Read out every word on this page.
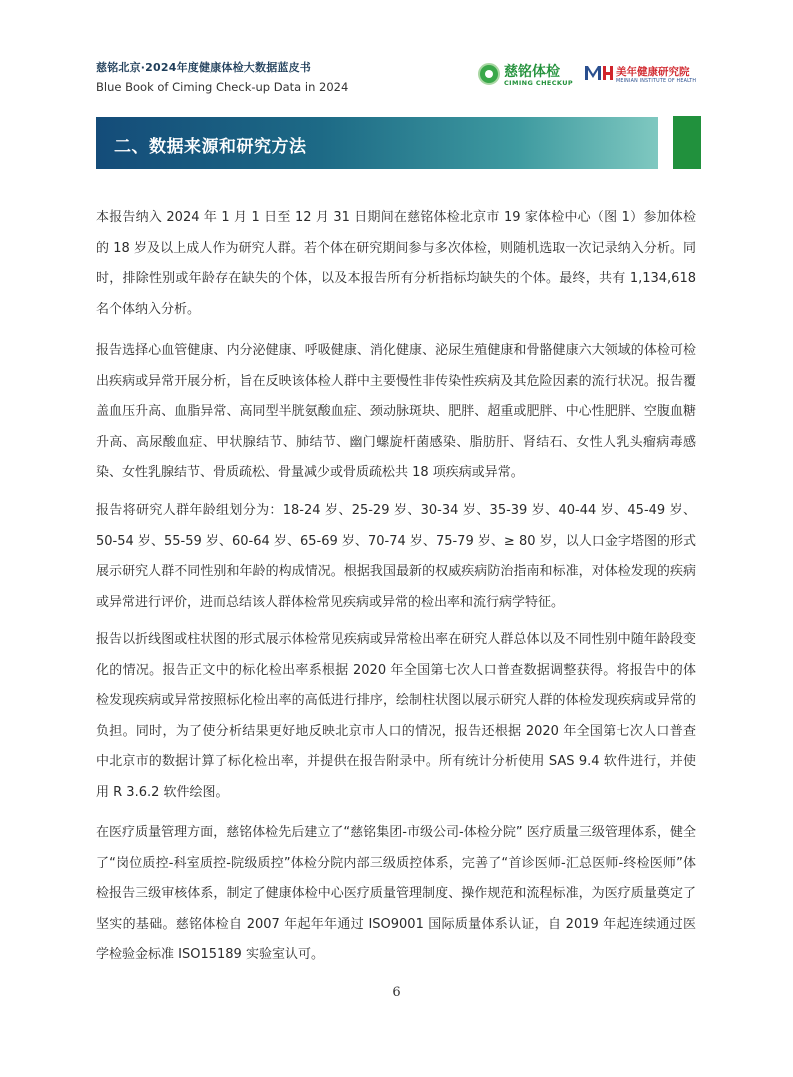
慈铭北京·2024年度健康体检大数据蓝皮书
Blue Book of Ciming Check-up Data in 2024
慈铭体检
CIMING CHECKUP
美年健康研究院
MEINIAN INSTITUTE OF HEALTH
二、数据来源和研究方法

本报告纳入 2024 年 1 月 1 日至 12 月 31 日期间在慈铭体检北京市 19 家体检中心（图 1）参加体检的 18 岁及以上成人作为研究人群。若个体在研究期间参与多次体检，则随机选取一次记录纳入分析。同时，排除性别或年龄存在缺失的个体，以及本报告所有分析指标均缺失的个体。最终，共有 1,134,618 名个体纳入分析。

报告选择心血管健康、内分泌健康、呼吸健康、消化健康、泌尿生殖健康和骨骼健康六大领域的体检可检出疾病或异常开展分析，旨在反映该体检人群中主要慢性非传染性疾病及其危险因素的流行状况。报告覆盖血压升高、血脂异常、高同型半胱氨酸血症、颈动脉斑块、肥胖、超重或肥胖、中心性肥胖、空腹血糖升高、高尿酸血症、甲状腺结节、肺结节、幽门螺旋杆菌感染、脂肪肝、肾结石、女性人乳头瘤病毒感染、女性乳腺结节、骨质疏松、骨量减少或骨质疏松共 18 项疾病或异常。

报告将研究人群年龄组划分为：18-24 岁、25-29 岁、30-34 岁、35-39 岁、40-44 岁、45-49 岁、50-54 岁、55-59 岁、60-64 岁、65-69 岁、70-74 岁、75-79 岁、≥ 80 岁，以人口金字塔图的形式展示研究人群不同性别和年龄的构成情况。根据我国最新的权威疾病防治指南和标准，对体检发现的疾病或异常进行评价，进而总结该人群体检常见疾病或异常的检出率和流行病学特征。

报告以折线图或柱状图的形式展示体检常见疾病或异常检出率在研究人群总体以及不同性别中随年龄段变化的情况。报告正文中的标化检出率系根据 2020 年全国第七次人口普查数据调整获得。将报告中的体检发现疾病或异常按照标化检出率的高低进行排序，绘制柱状图以展示研究人群的体检发现疾病或异常的负担。同时，为了使分析结果更好地反映北京市人口的情况，报告还根据 2020 年全国第七次人口普查中北京市的数据计算了标化检出率，并提供在报告附录中。所有统计分析使用 SAS 9.4 软件进行，并使用 R 3.6.2 软件绘图。

在医疗质量管理方面，慈铭体检先后建立了“慈铭集团-市级公司-体检分院” 医疗质量三级管理体系，健全了“岗位质控-科室质控-院级质控”体检分院内部三级质控体系，完善了“首诊医师-汇总医师-终检医师”体检报告三级审核体系，制定了健康体检中心医疗质量管理制度、操作规范和流程标准，为医疗质量奠定了坚实的基础。慈铭体检自 2007 年起年年通过 ISO9001 国际质量体系认证，自 2019 年起连续通过医学检验金标准 ISO15189 实验室认可。

6
